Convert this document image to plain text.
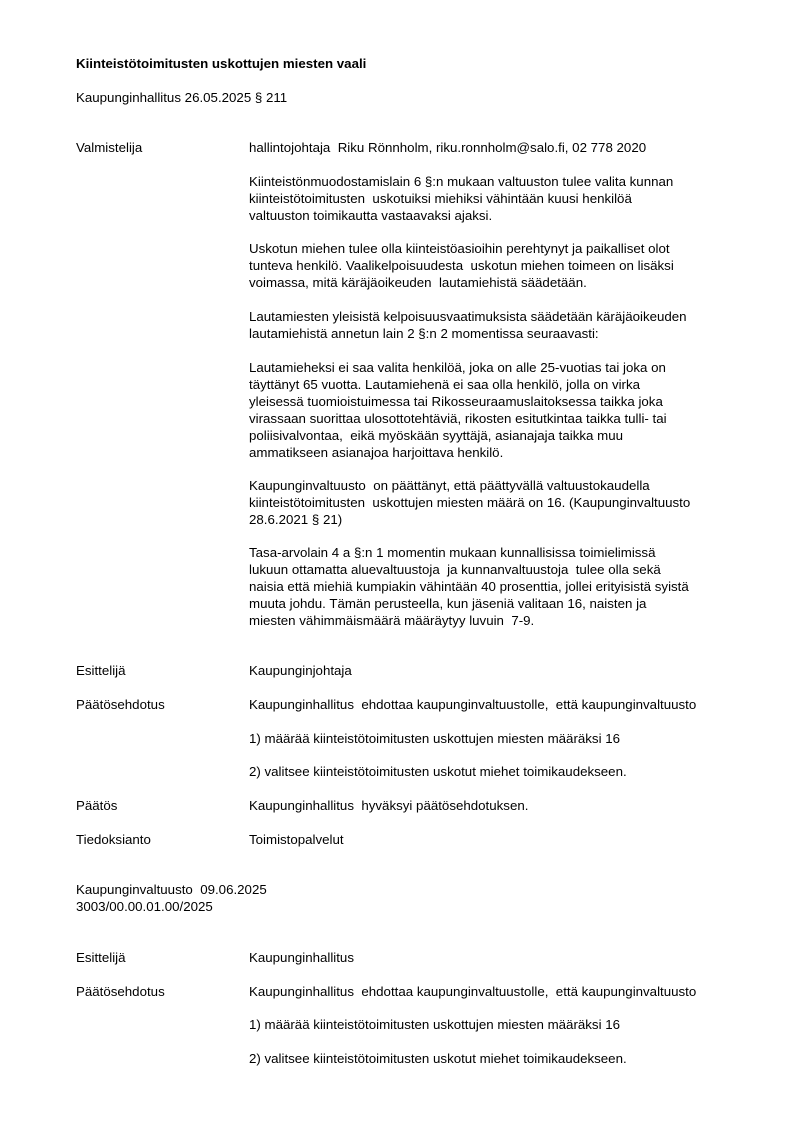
Kiinteistötoimitusten uskottujen miesten vaali
Kaupunginhallitus 26.05.2025 § 211
Valmistelija	hallintojohtaja  Riku Rönnholm, riku.ronnholm@salo.fi, 02 778 2020
Kiinteistönmuodostamislain 6 §:n mukaan valtuuston tulee valita kunnan
kiinteistötoimitusten  uskotuiksi miehiksi vähintään kuusi henkilöä
valtuuston toimikautta vastaavaksi ajaksi.
Uskotun miehen tulee olla kiinteistöasioihin perehtynyt ja paikalliset olot
tunteva henkilö. Vaalikelpoisuudesta  uskotun miehen toimeen on lisäksi
voimassa, mitä käräjäoikeuden  lautamiehistä säädetään.
Lautamiesten yleisistä kelpoisuusvaatimuksista säädetään käräjäoikeuden
lautamiehistä annetun lain 2 §:n 2 momentissa seuraavasti:
Lautamieheksi ei saa valita henkilöä, joka on alle 25-vuotias tai joka on
täyttänyt 65 vuotta. Lautamiehenä ei saa olla henkilö, jolla on virka
yleisessä tuomioistuimessa tai Rikosseuraamuslaitoksessa taikka joka
virassaan suorittaa ulosottotehtäviä, rikosten esitutkintaa taikka tulli- tai
poliisivalvontaa,  eikä myöskään syyttäjä, asianajaja taikka muu
ammatikseen asianajoa harjoittava henkilö.
Kaupunginvaltuusto  on päättänyt, että päättyvällä valtuustokaudella
kiinteistötoimitusten  uskottujen miesten määrä on 16. (Kaupunginvaltuusto
28.6.2021 § 21)
Tasa-arvolain 4 a §:n 1 momentin mukaan kunnallisissa toimielimissä
lukuun ottamatta aluevaltuustoja  ja kunnanvaltuustoja  tulee olla sekä
naisia että miehiä kumpiakin vähintään 40 prosenttia, jollei erityisistä syistä
muuta johdu. Tämän perusteella, kun jäseniä valitaan 16, naisten ja
miesten vähimmäismäärä määräytyy luvuin  7-9.
Esittelijä	Kaupunginjohtaja
Päätösehdotus	Kaupunginhallitus  ehdottaa kaupunginvaltuustolle,  että kaupunginvaltuusto
1) määrää kiinteistötoimitusten uskottujen miesten määräksi 16
2) valitsee kiinteistötoimitusten uskotut miehet toimikaudekseen.
Päätös	Kaupunginhallitus  hyväksyi päätösehdotuksen.
Tiedoksianto	Toimistopalvelut
Kaupunginvaltuusto  09.06.2025
3003/00.00.01.00/2025
Esittelijä	Kaupunginhallitus
Päätösehdotus	Kaupunginhallitus  ehdottaa kaupunginvaltuustolle,  että kaupunginvaltuusto
1) määrää kiinteistötoimitusten uskottujen miesten määräksi 16
2) valitsee kiinteistötoimitusten uskotut miehet toimikaudekseen.
